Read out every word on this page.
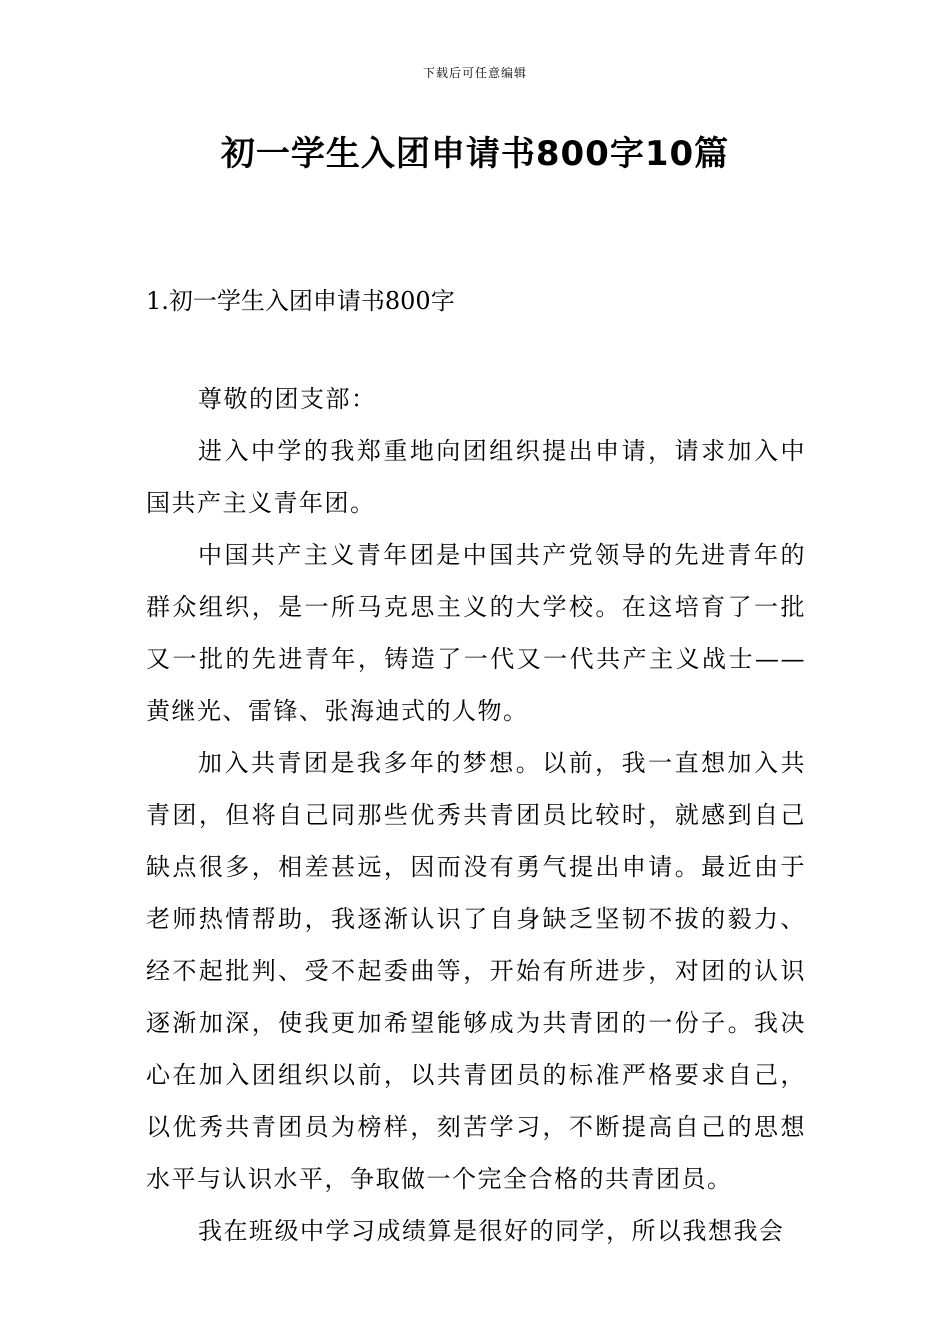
下载后可任意编辑
初一学生入团申请书800字10篇
1.初一学生入团申请书800字

尊敬的团支部：

进入中学的我郑重地向团组织提出申请，请求加入中国共产主义青年团。

中国共产主义青年团是中国共产党领导的先进青年的群众组织，是一所马克思主义的大学校。在这培育了一批又一批的先进青年，铸造了一代又一代共产主义战士——黄继光、雷锋、张海迪式的人物。

加入共青团是我多年的梦想。以前，我一直想加入共青团，但将自己同那些优秀共青团员比较时，就感到自己缺点很多，相差甚远，因而没有勇气提出申请。最近由于老师热情帮助，我逐渐认识了自身缺乏坚韧不拔的毅力、经不起批判、受不起委曲等，开始有所进步，对团的认识逐渐加深，使我更加希望能够成为共青团的一份子。我决心在加入团组织以前，以共青团员的标准严格要求自己，以优秀共青团员为榜样，刻苦学习，不断提高自己的思想水平与认识水平，争取做一个完全合格的共青团员。

我在班级中学习成绩算是很好的同学，所以我想我会
